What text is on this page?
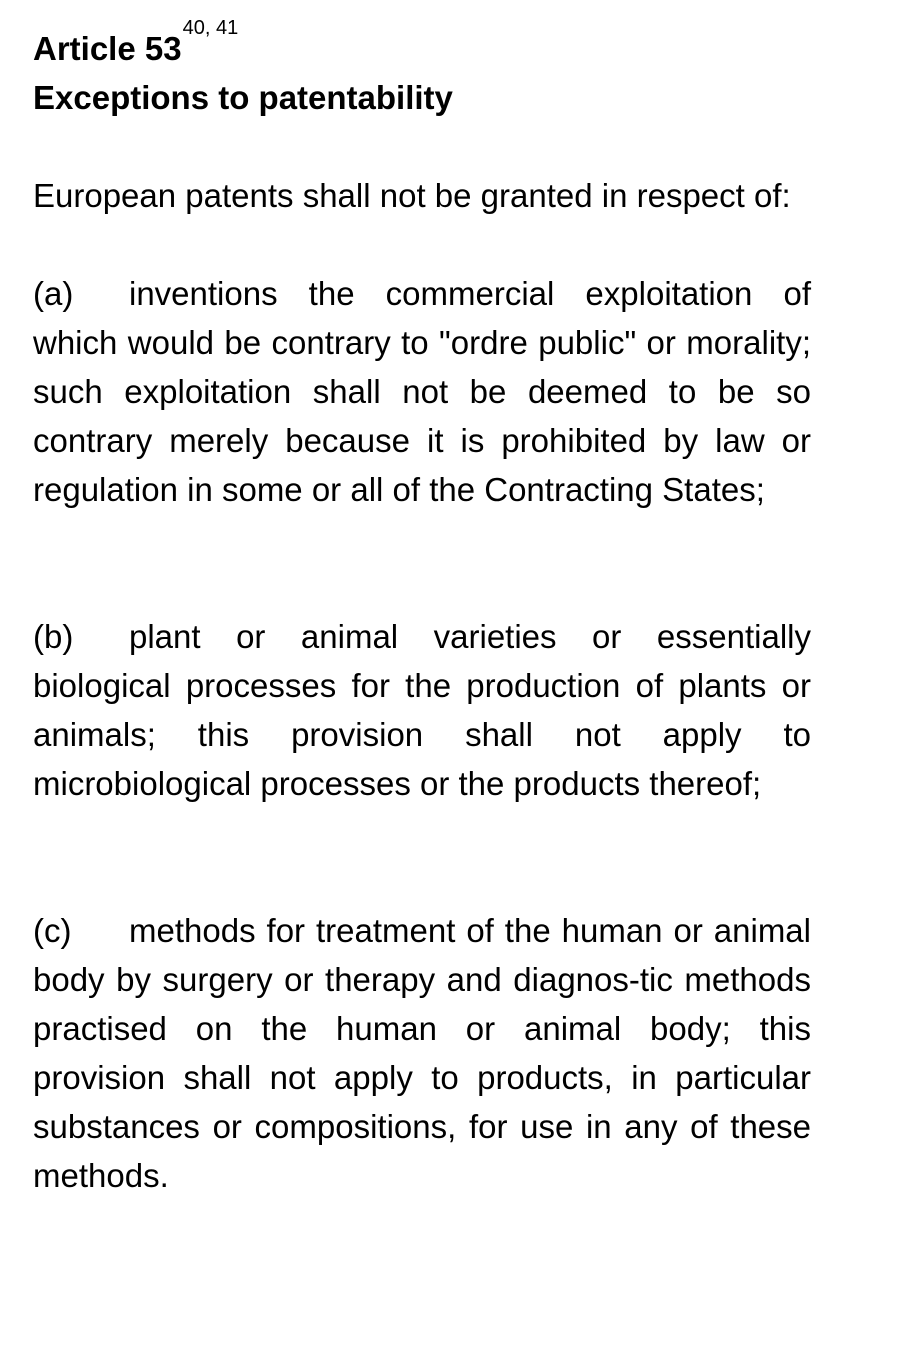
Article 53$^{40, 41}$
Exceptions to patentability

European patents shall not be granted in respect of:

(a) inventions the commercial exploitation of which would be contrary to "ordre public" or morality; such exploitation shall not be deemed to be so contrary merely because it is prohibited by law or regulation in some or all of the Contracting States;

(b) plant or animal varieties or essentially biological processes for the production of plants or animals; this provision shall not apply to microbiological processes or the products thereof;

(c) methods for treatment of the human or animal body by surgery or therapy and diagnos-tic methods practised on the human or animal body; this provision shall not apply to products, in particular substances or compositions, for use in any of these methods.
